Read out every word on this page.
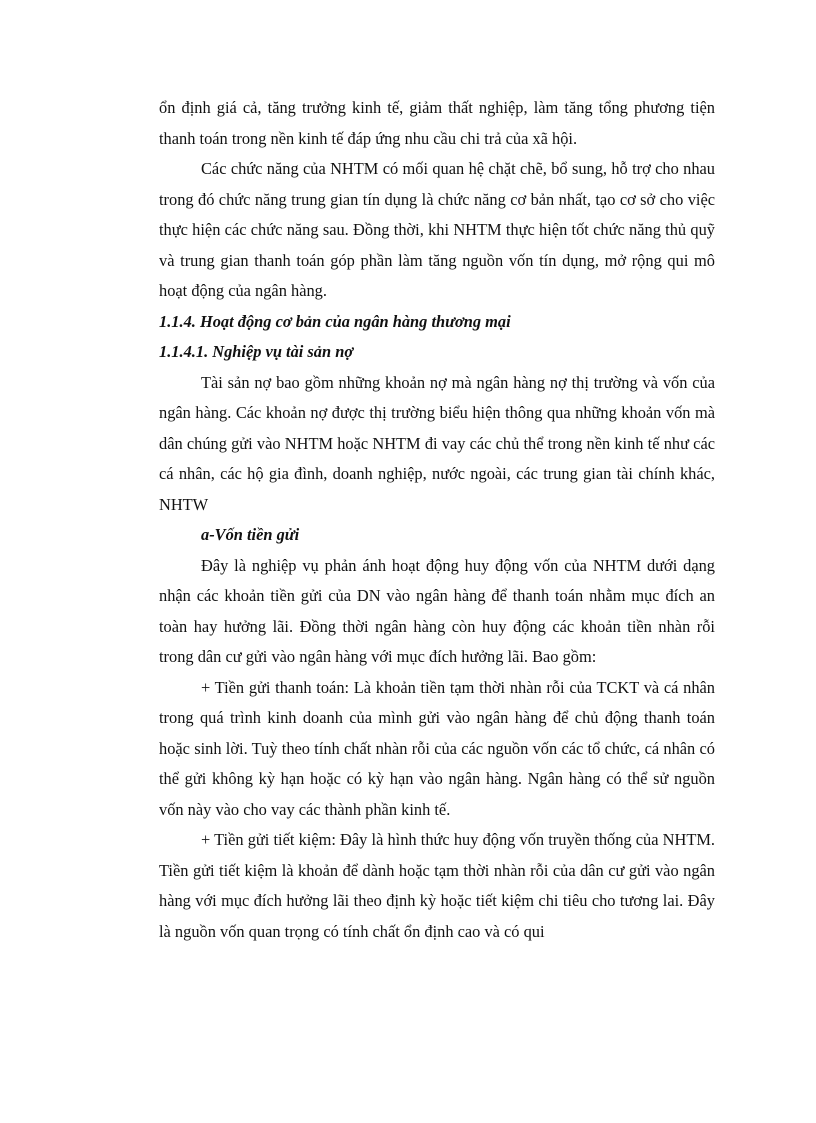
ổn định giá cả, tăng trưởng kinh tế, giảm thất nghiệp, làm tăng tổng phương tiện thanh toán trong nền kinh tế đáp ứng nhu cầu chi trả của xã hội.

Các chức năng của NHTM có mối quan hệ chặt chẽ, bổ sung, hỗ trợ cho nhau trong đó chức năng trung gian tín dụng là chức năng cơ bản nhất, tạo cơ sở cho việc thực hiện các chức năng sau. Đồng thời, khi NHTM thực hiện tốt chức năng thủ quỹ và trung gian thanh toán góp phần làm tăng nguồn vốn tín dụng, mở rộng qui mô hoạt động của ngân hàng.

1.1.4. Hoạt động cơ bản của ngân hàng thương mại

1.1.4.1. Nghiệp vụ tài sản nợ

Tài sản nợ bao gồm những khoản nợ mà ngân hàng nợ thị trường và vốn của ngân hàng. Các khoản nợ được thị trường biểu hiện thông qua những khoản vốn mà dân chúng gửi vào NHTM hoặc NHTM đi vay các chủ thể trong nền kinh tế như các cá nhân, các hộ gia đình, doanh nghiệp, nước ngoài, các trung gian tài chính khác, NHTW

a-Vốn tiền gửi

Đây là nghiệp vụ phản ánh hoạt động huy động vốn của NHTM dưới dạng nhận các khoản tiền gửi của DN vào ngân hàng để thanh toán nhằm mục đích an toàn hay hưởng lãi. Đồng thời ngân hàng còn huy động các khoản tiền nhàn rỗi trong dân cư gửi vào ngân hàng với mục đích hưởng lãi. Bao gồm:

+ Tiền gửi thanh toán: Là khoản tiền tạm thời nhàn rỗi của TCKT và cá nhân trong quá trình kinh doanh của mình gửi vào ngân hàng để chủ động thanh toán hoặc sinh lời. Tuỳ theo tính chất nhàn rỗi của các nguồn vốn các tổ chức, cá nhân có thể gửi không kỳ hạn hoặc có kỳ hạn vào ngân hàng. Ngân hàng có thể sử nguồn vốn này vào cho vay các thành phần kinh tế.

+ Tiền gửi tiết kiệm: Đây là hình thức huy động vốn truyền thống của NHTM. Tiền gửi tiết kiệm là khoản để dành hoặc tạm thời nhàn rỗi của dân cư gửi vào ngân hàng với mục đích hưởng lãi theo định kỳ hoặc tiết kiệm chi tiêu cho tương lai. Đây là nguồn vốn quan trọng có tính chất ổn định cao và có qui
